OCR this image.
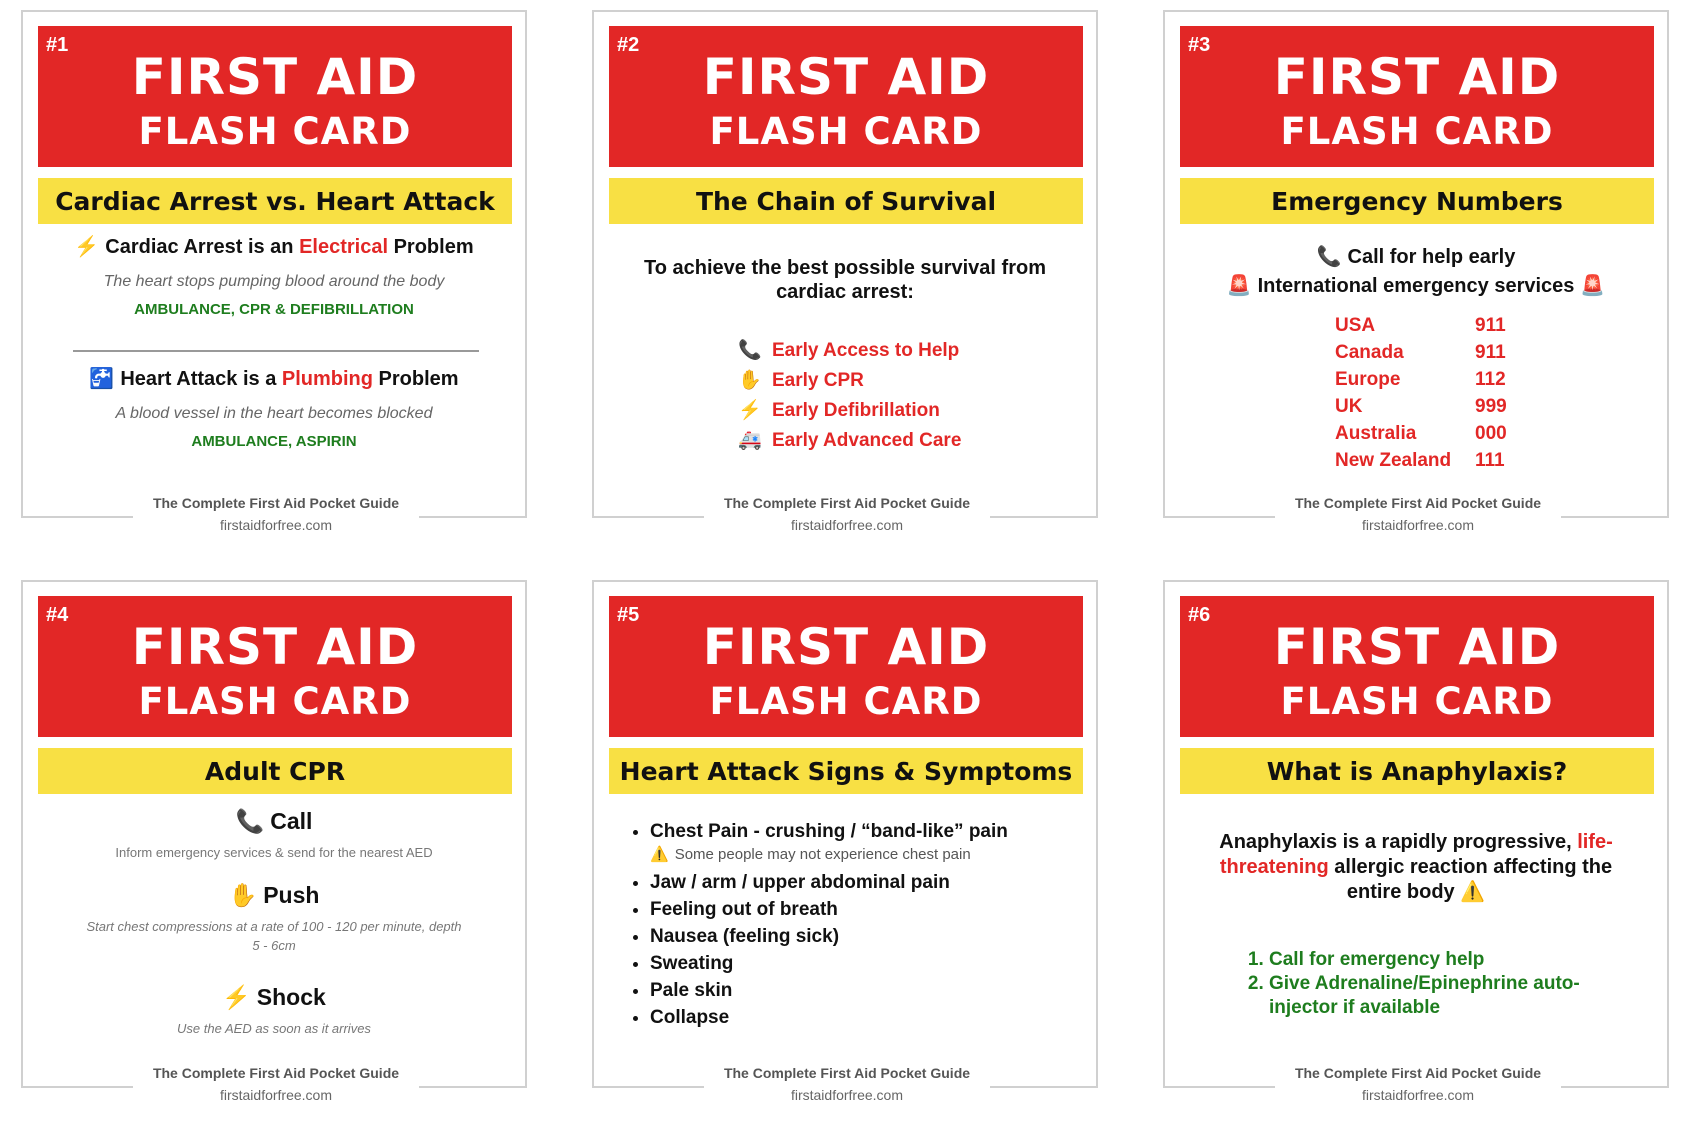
#1
FIRST AID
FLASH CARD
Cardiac Arrest vs. Heart Attack
⚡ Cardiac Arrest is an Electrical Problem
The heart stops pumping blood around the body
AMBULANCE, CPR & DEFIBRILLATION
🚰 Heart Attack is a Plumbing Problem
A blood vessel in the heart becomes blocked
AMBULANCE, ASPIRIN
The Complete First Aid Pocket Guide
firstaidforfree.com
#2
FIRST AID
FLASH CARD
The Chain of Survival
To achieve the best possible survival from cardiac arrest:
📞 Early Access to Help
✋ Early CPR
⚡ Early Defibrillation
🚑 Early Advanced Care
The Complete First Aid Pocket Guide
firstaidforfree.com
#3
FIRST AID
FLASH CARD
Emergency Numbers
📞 Call for help early
🚨 International emergency services 🚨
USA	911
Canada	911
Europe	112
UK	999
Australia	000
New Zealand	111
The Complete First Aid Pocket Guide
firstaidforfree.com
#4
FIRST AID
FLASH CARD
Adult CPR
📞 Call
Inform emergency services & send for the nearest AED
✋ Push
Start chest compressions at a rate of 100 - 120 per minute, depth 5 - 6cm
⚡ Shock
Use the AED as soon as it arrives
The Complete First Aid Pocket Guide
firstaidforfree.com
#5
FIRST AID
FLASH CARD
Heart Attack Signs & Symptoms
• Chest Pain - crushing / “band-like” pain
⚠️ Some people may not experience chest pain
• Jaw / arm / upper abdominal pain
• Feeling out of breath
• Nausea (feeling sick)
• Sweating
• Pale skin
• Collapse
The Complete First Aid Pocket Guide
firstaidforfree.com
#6
FIRST AID
FLASH CARD
What is Anaphylaxis?
Anaphylaxis is a rapidly progressive, life-threatening allergic reaction affecting the entire body ⚠️
1. Call for emergency help
2. Give Adrenaline/Epinephrine auto-injector if available
The Complete First Aid Pocket Guide
firstaidforfree.com
